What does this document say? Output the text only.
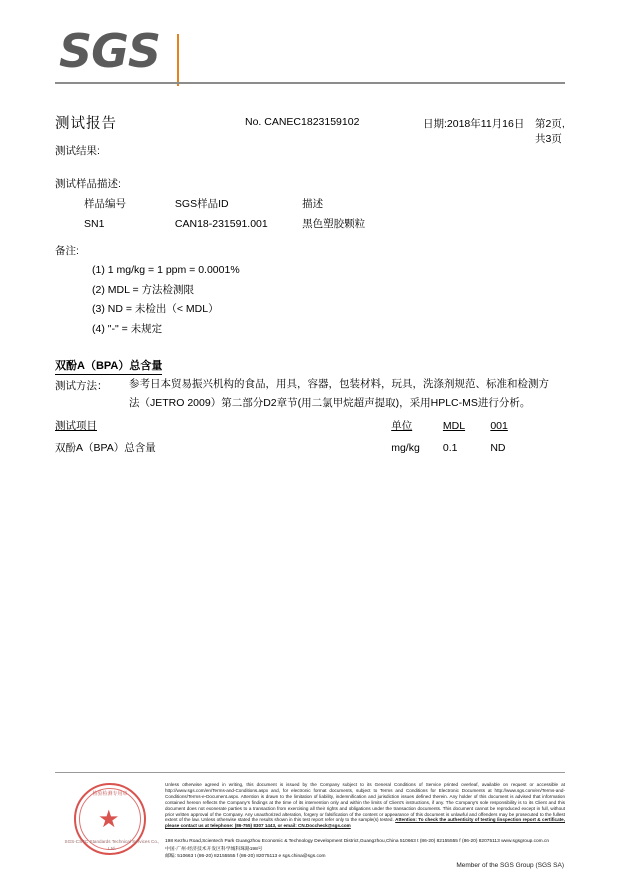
SGS
测试报告	No. CANEC1823159102	日期:2018年11月16日 第2页,共3页
测试结果:
测试样品描述:
样品编号	SGS样品ID	描述
SN1	CAN18-231591.001	黑色塑胶颗粒
备注:
(1) 1 mg/kg = 1 ppm = 0.0001%
(2) MDL = 方法检测限
(3) ND = 未检出（< MDL）
(4) "-" = 未规定
双酚A（BPA）总含量
测试方法： 参考日本贸易振兴机构的食品，用具，容器，包装材料，玩具，洗涤剂规范、标准和检测方法（JETRO 2009）第二部分D2章节(用二氯甲烷超声提取)，采用HPLC-MS进行分析。
测试项目	单位	MDL	001
双酚A（BPA）总含量	mg/kg	0.1	ND
检验检测专用章
★
SGS-CSTC Standards Technical Services Co., Ltd.
Unless otherwise agreed in writing, this document is issued by the Company subject to its General Conditions of Service printed overleaf, available on request or accessible at http://www.sgs.com/en/Terms-and-Conditions.aspx and, for electronic format documents, subject to Terms and Conditions for Electronic Documents at http://www.sgs.com/en/Terms-and-Conditions/Terms-e-Document.aspx. Attention is drawn to the limitation of liability, indemnification and jurisdiction issues defined therein. Any holder of this document is advised that information contained hereon reflects the Company's findings at the time of its intervention only and within the limits of Client's instructions, if any. The Company's sole responsibility is to its Client and this document does not exonerate parties to a transaction from exercising all their rights and obligations under the transaction documents. This document cannot be reproduced except in full, without prior written approval of the Company. Any unauthorized alteration, forgery or falsification of the content or appearance of this document is unlawful and offenders may be prosecuted to the fullest extent of the law. Unless otherwise stated the results shown in this test report refer only to the sample(s) tested. Attention: To check the authenticity of testing /inspection report & certificate, please contact us at telephone: (86-755) 8307 1443, or email: CN.Doccheck@sgs.com
198 Kezhu Road,Scientech Park Guangzhou Economic & Technology Development District,Guangzhou,China 510663 t (86-20) 82155555 f (86-20) 82075113 www.sgsgroup.com.cn
中国·广州·经济技术开发区科学城科珠路198号
邮编: 510663 t (86-20) 82155555 f (86-20) 82075113 e sgs.china@sgs.com
Member of the SGS Group (SGS SA)
